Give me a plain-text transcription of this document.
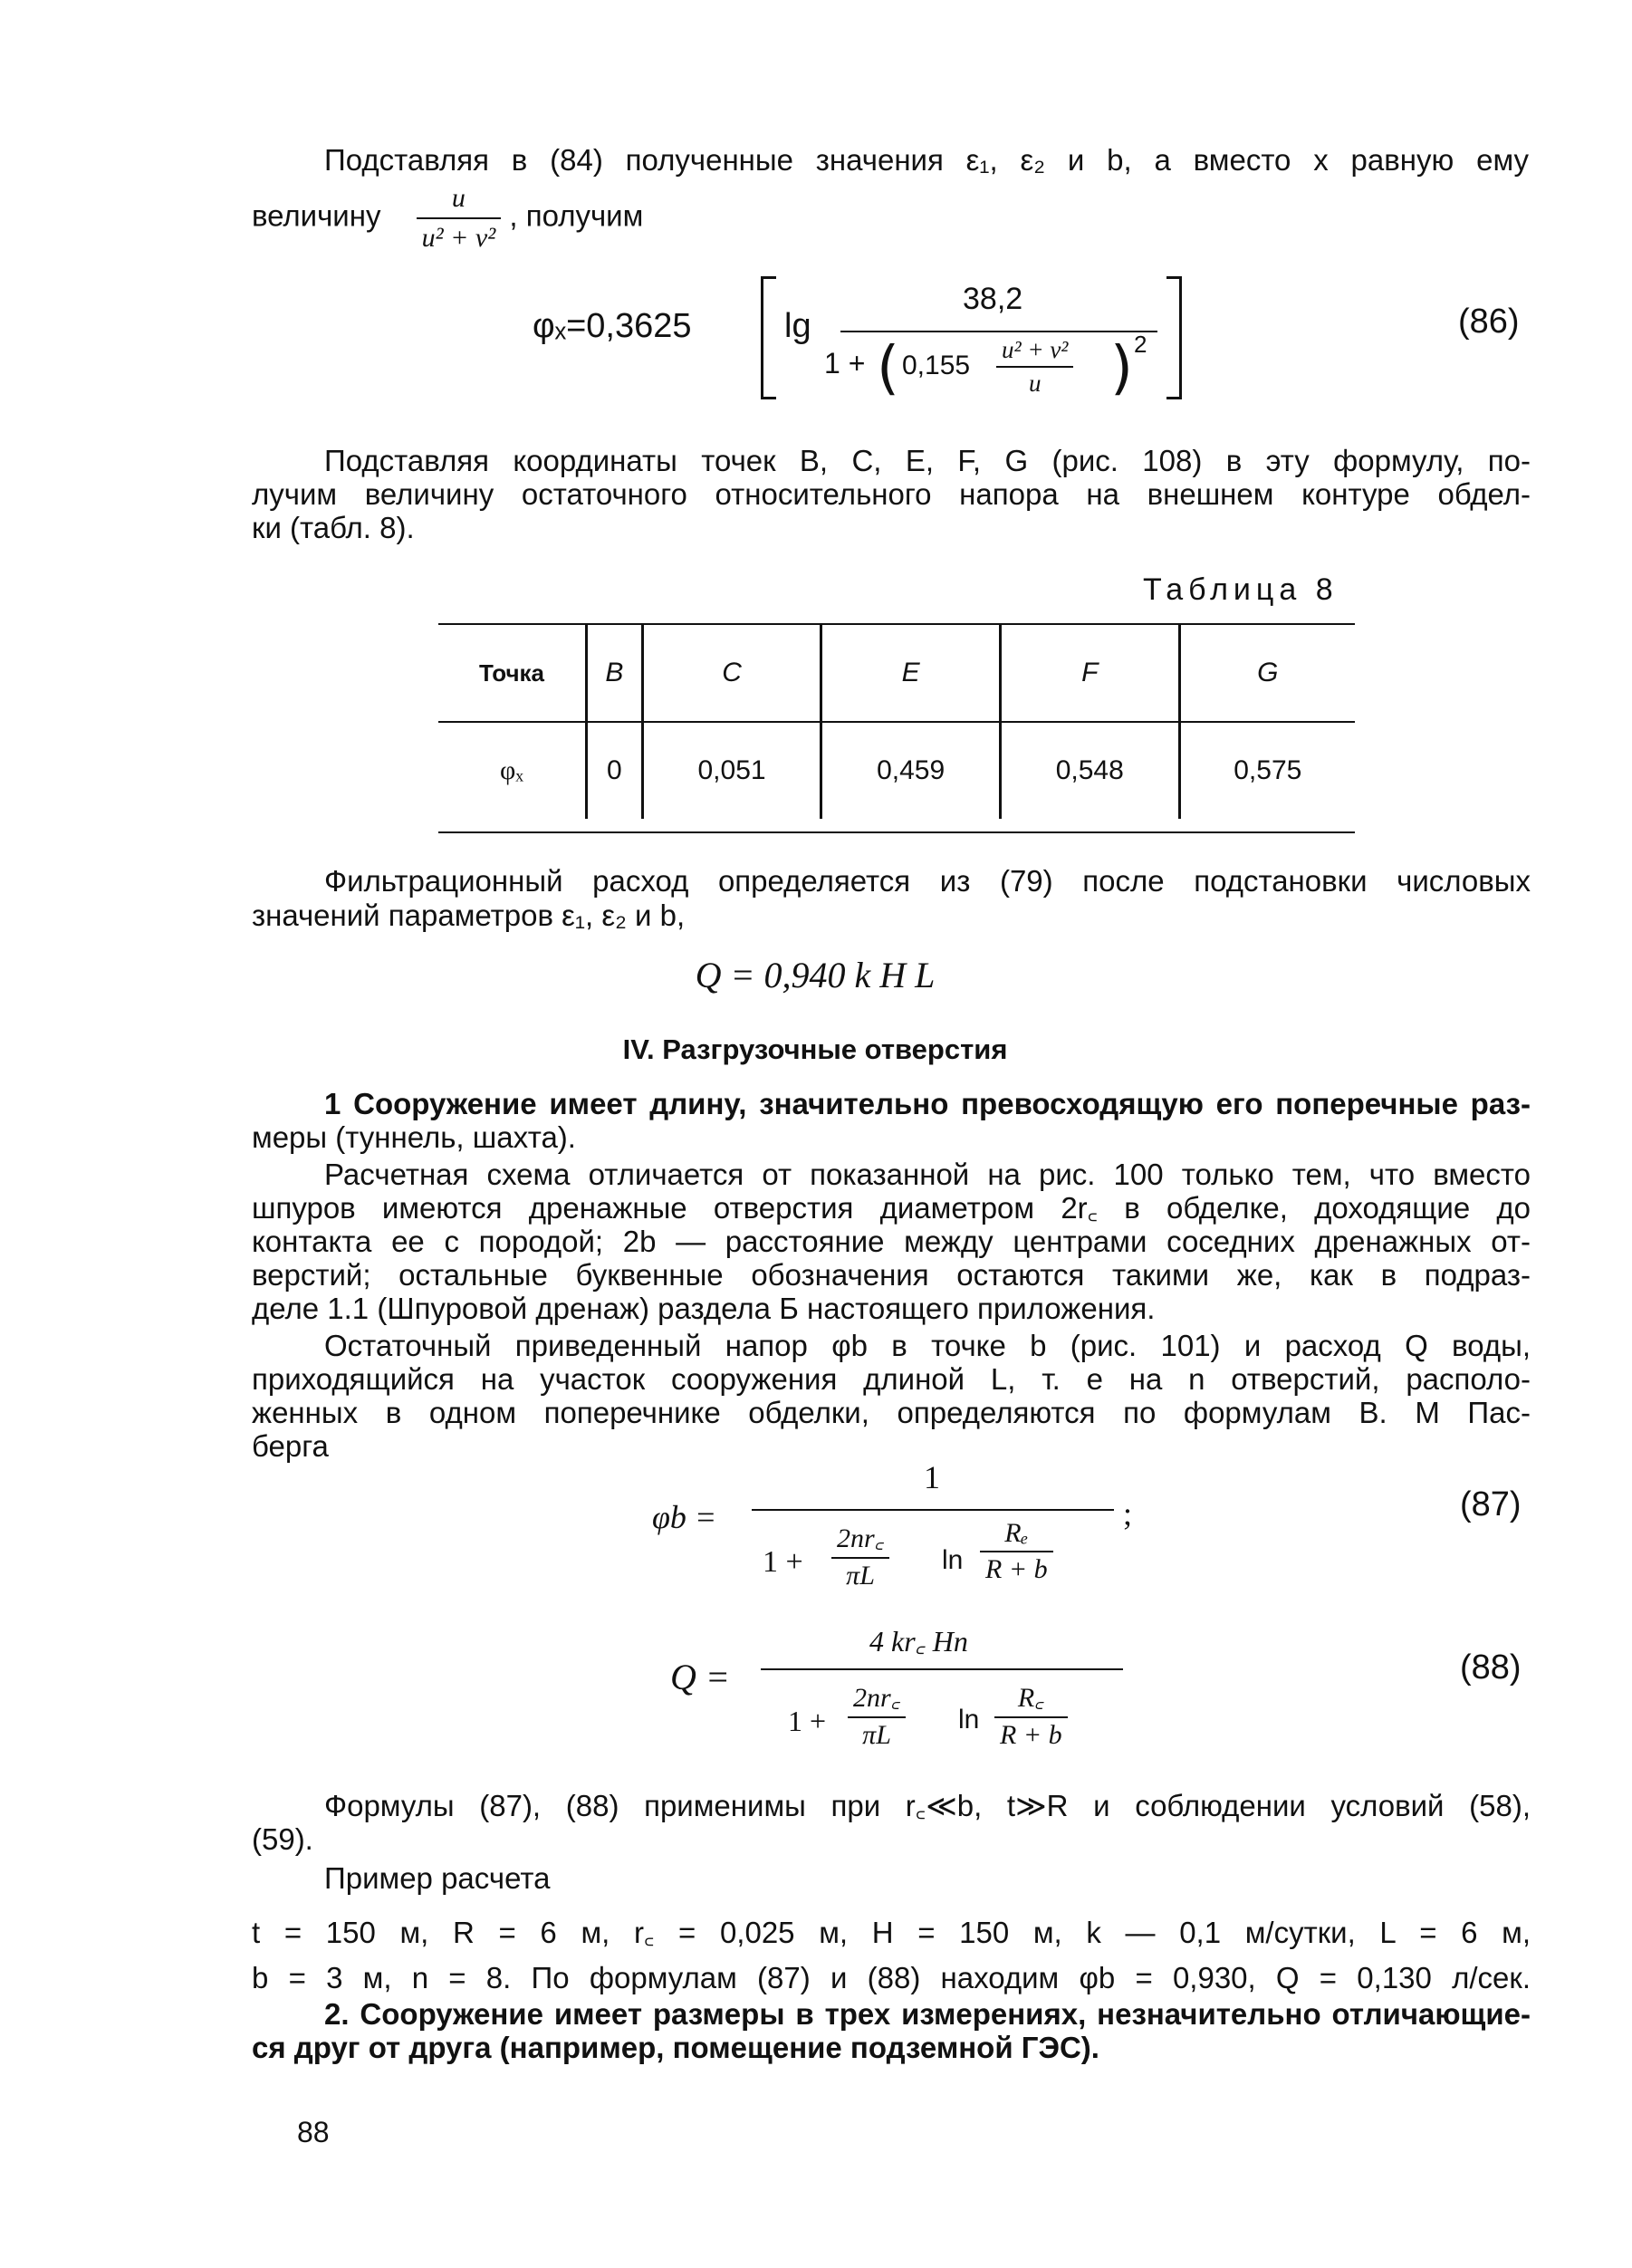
Подставляя в (84) полученные значения ε₁, ε₂ и b, а вместо x равную ему
величину $\frac{u}{\text{u² + v²}}$ , получим
φₓ=0,3625	lg
38,2
1 + ( $0,155 \frac{\text{u² + v²}}{u}$ ) 2
(86)
Подставляя координаты точек B, C, E, F, G (рис. 108) в эту формулу, по-
лучим величину остаточного относительного напора на внешнем контуре обдел-
ки (табл. 8).
Таблица 8
Точка	B	C	E	F	G
φₓ	0	0,051	0,459	0,548	0,575
Фильтрационный расход определяется из (79) после подстановки числовых
значений параметров ε₁, ε₂ и b,
Q = 0,940 k H L
IV. Разгрузочные отверстия
1 Сооружение имеет длину, значительно превосходящую его поперечные раз-
меры (туннель, шахта).
Расчетная схема отличается от показанной на рис. 100 только тем, что вместо
шпуров имеются дренажные отверстия диаметром 2r꜀ в обделке, доходящие до
контакта ее с породой; 2b — расстояние между центрами соседних дренажных от-
верстий; остальные буквенные обозначения остаются такими же, как в подраз-
деле 1.1 (Шпуровой дренаж) раздела Б настоящего приложения.
Остаточный приведенный напор φb в точке b (рис. 101) и расход Q воды,
приходящийся на участок сооружения длиной L, т. е на n отверстий, располо-
женных в одном поперечнике обделки, определяются по формулам В. М Пас-
берга
φb =
1
$1 + \frac{2nr꜀}{\pi L}$ $\ln \frac{\text{Rₑ}}{R + b}$
;	(87)
Q =
4 kr꜀ Hn
$1 + \frac{2nr꜀}{\pi L}$ $\ln \frac{R꜀}{R + b}$
(88)
Формулы (87), (88) применимы при r꜀≪b, t≫R и соблюдении условий (58),
(59).
Пример расчета
t = 150 м, R = 6 м, r꜀ = 0,025 м, H = 150 м, k — 0,1 м/сутки, L = 6 м,
b = 3 м, n = 8. По формулам (87) и (88) находим φb = 0,930, Q = 0,130 л/сек.
2. Сооружение имеет размеры в трех измерениях, незначительно отличающие-
ся друг от друга (например, помещение подземной ГЭС).
88
